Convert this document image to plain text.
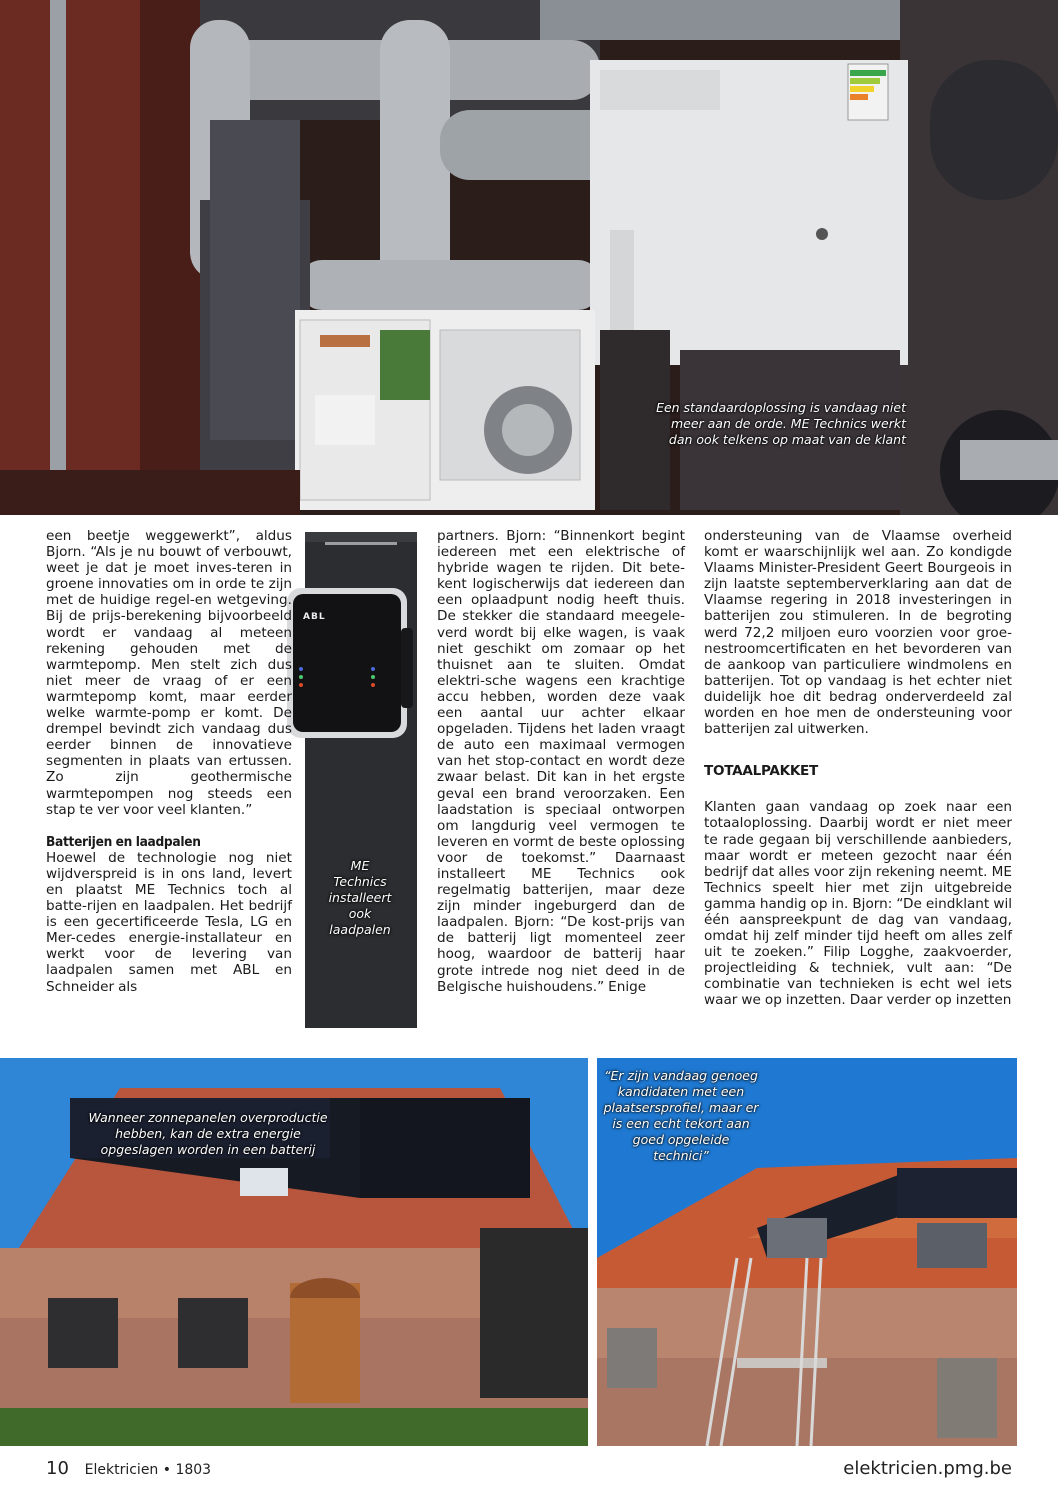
Een standaardoplossing is vandaag niet
meer aan de orde. ME Technics werkt
dan ook telkens op maat van de klant
ABL
ME
Technics
installeert
ook
laadpalen

een beetje weggewerkt”, aldus Bjorn. “Als je nu bouwt of verbouwt, weet je dat je moet inves-teren in groene innovaties om in orde te zijn met de huidige regel-en wetgeving. Bij de prijs-berekening bijvoorbeeld wordt er vandaag al meteen rekening gehouden met de warmtepomp. Men stelt zich dus niet meer de vraag of er een warmtepomp komt, maar eerder welke warmte-pomp er komt. De drempel bevindt zich vandaag dus eerder binnen de innovatieve segmenten in plaats van ertussen. Zo zijn geothermische warmtepompen nog steeds een stap te ver voor veel klanten.”

Batterijen en laadpalen

Hoewel de technologie nog niet wijdverspreid is in ons land, levert en plaatst ME Technics toch al batte-rijen en laadpalen. Het bedrijf is een gecertificeerde Tesla, LG en Mer-cedes energie-installateur en werkt voor de levering van laadpalen samen met ABL en Schneider als

partners. Bjorn: “Binnenkort begint iedereen met een elektrische of hybride wagen te rijden. Dit bete-kent logischerwijs dat iedereen dan een oplaadpunt nodig heeft thuis. De stekker die standaard meegele-verd wordt bij elke wagen, is vaak niet geschikt om zomaar op het thuisnet aan te sluiten. Omdat elektri-sche wagens een krachtige accu hebben, worden deze vaak een aantal uur achter elkaar opgeladen. Tijdens het laden vraagt de auto een maximaal vermogen van het stop-contact en wordt deze zwaar belast. Dit kan in het ergste geval een brand veroorzaken. Een laadstation is speciaal ontworpen om langdurig veel vermogen te leveren en vormt de beste oplossing voor de toekomst.” Daarnaast installeert ME Technics ook regelmatig batterijen, maar deze zijn minder ingeburgerd dan de laadpalen. Bjorn: “De kost-prijs van de batterij ligt momenteel zeer hoog, waardoor de batterij haar grote intrede nog niet deed in de Belgische huishoudens.” Enige

ondersteuning van de Vlaamse overheid komt er waarschijnlijk wel aan. Zo kondigde Vlaams Minister-President Geert Bourgeois in zijn laatste septemberverklaring aan dat de Vlaamse regering in 2018 investeringen in batterijen zou stimuleren. In de begroting werd 72,2 miljoen euro voorzien voor groe-nestroomcertificaten en het bevorderen van de aankoop van particuliere windmolens en batterijen. Tot op vandaag is het echter niet duidelijk hoe dit bedrag onderverdeeld zal worden en hoe men de ondersteuning voor batterijen zal uitwerken.

TOTAALPAKKET

Klanten gaan vandaag op zoek naar een totaaloplossing. Daarbij wordt er niet meer te rade gegaan bij verschillende aanbieders, maar wordt er meteen gezocht naar één bedrijf dat alles voor zijn rekening neemt. ME Technics speelt hier met zijn uitgebreide gamma handig op in. Bjorn: “De eindklant wil één aanspreekpunt de dag van vandaag, omdat hij zelf minder tijd heeft om alles zelf uit te zoeken.” Filip Logghe, zaakvoerder, projectleiding & techniek, vult aan: “De combinatie van technieken is echt wel iets waar we op inzetten. Daar verder op inzetten

Wanneer zonnepanelen overproductie
hebben, kan de extra energie
opgeslagen worden in een batterij
“Er zijn vandaag genoeg
kandidaten met een
plaatsersprofiel, maar er
is een echt tekort aan
goed opgeleide technici”
10 Elektricien • 1803	elektricien.pmg.be
